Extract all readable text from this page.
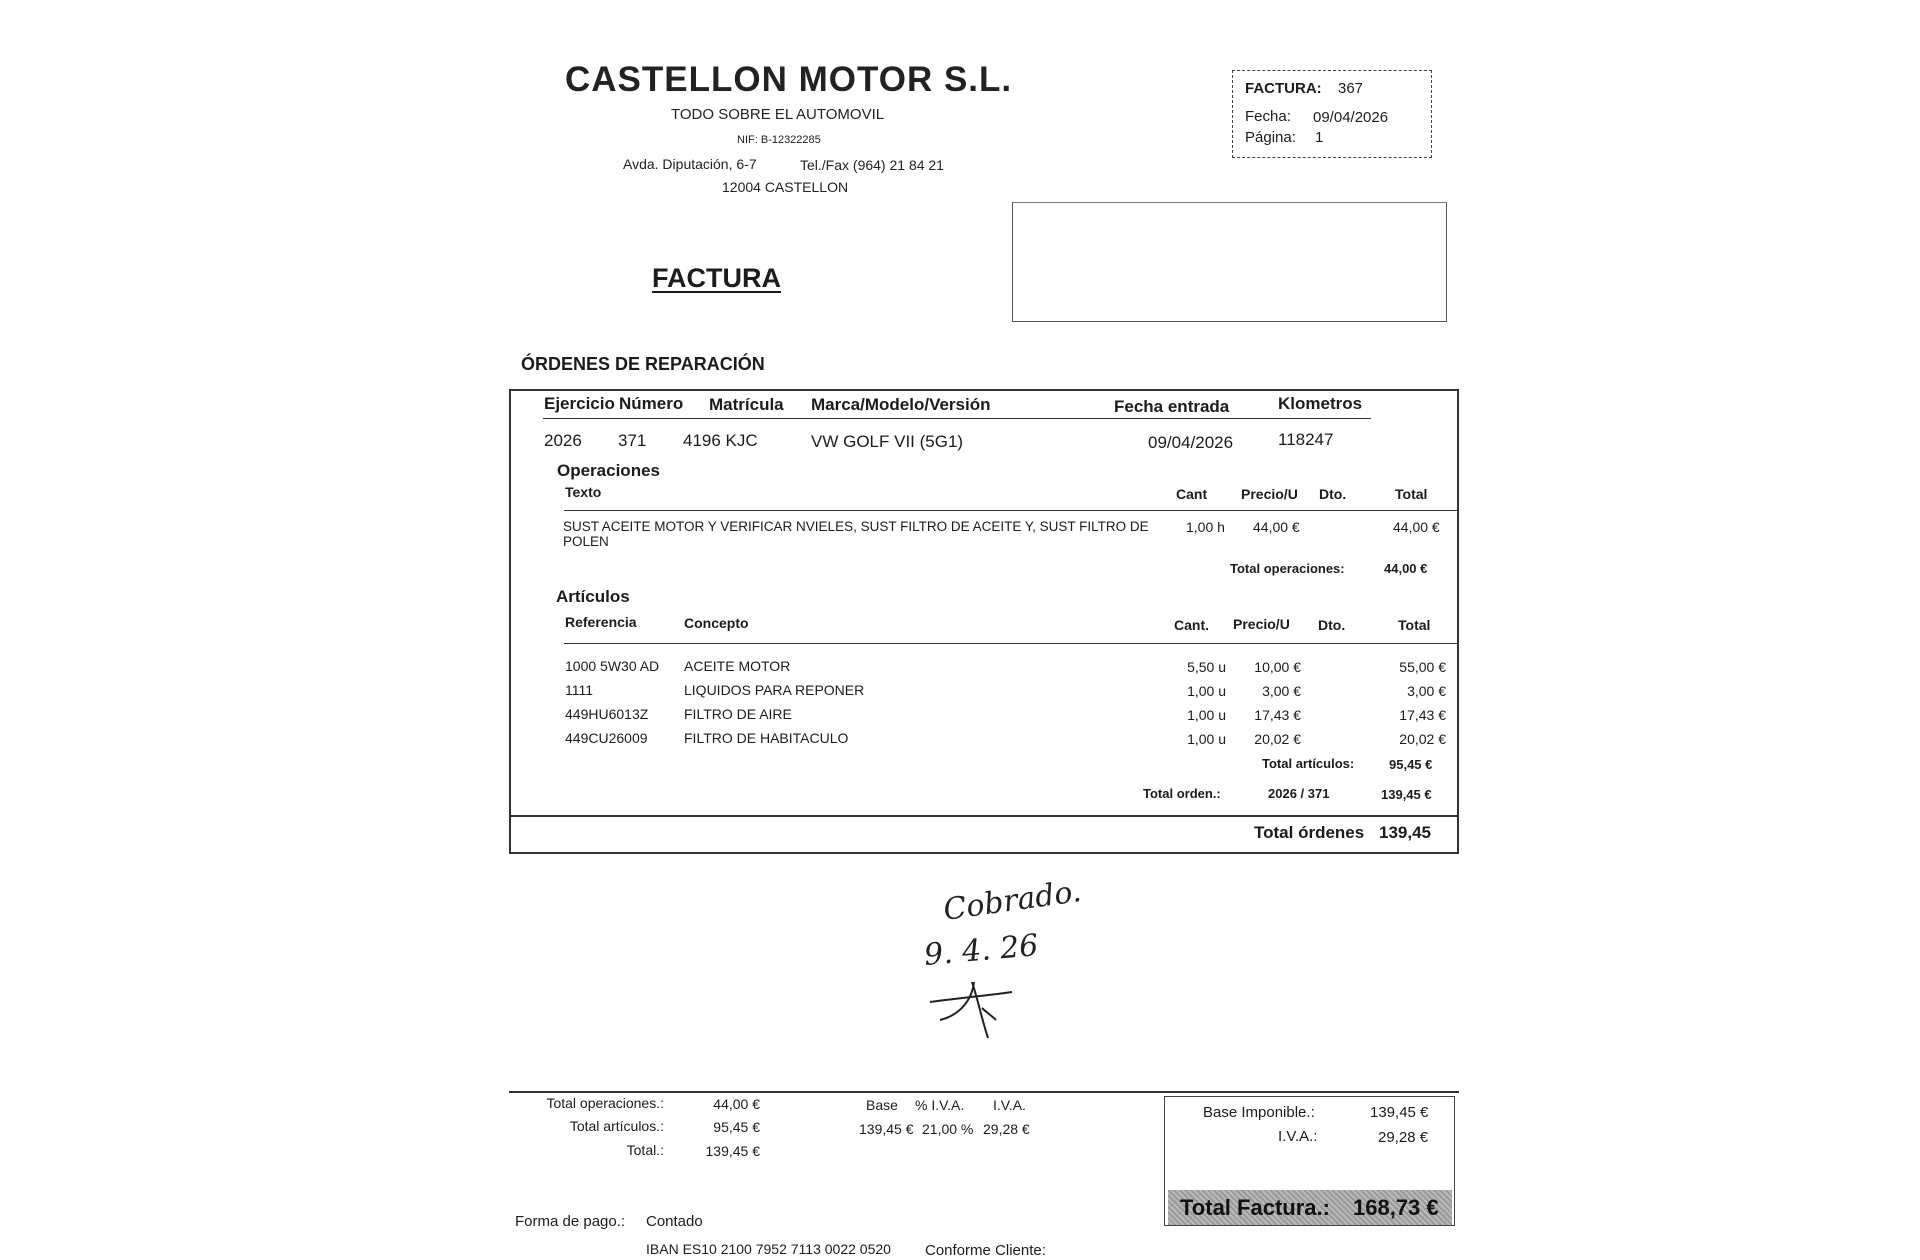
CASTELLON MOTOR S.L.
TODO SOBRE EL AUTOMOVIL
NIF: B-12322285
Avda. Diputación, 6-7	Tel./Fax (964) 21 84 21
12004 CASTELLON
FACTURA: 367
Fecha: 09/04/2026
Página: 1
FACTURA
ÓRDENES DE REPARACIÓN
Ejercicio Número Matrícula Marca/Modelo/Versión	Fecha entrada	Klometros
2026 371 4196 KJC	VW GOLF VII (5G1)	09/04/2026	118247
Operaciones
Texto	Cant Precio/U Dto.	Total
SUST ACEITE MOTOR Y VERIFICAR NVIELES, SUST FILTRO DE ACEITE Y, SUST FILTRO DE
POLEN
1,00 h 44,00 €	44,00 €
Total operaciones:	44,00 €
Artículos
Referencia	Concepto	Cant. Precio/U Dto.	Total
1000 5W30 AD ACEITE MOTOR	5,50 u	10,00 €	55,00 €
1111	LIQUIDOS PARA REPONER	1,00 u	3,00 €	3,00 €
449HU6013Z	FILTRO DE AIRE	1,00 u	17,43 €	17,43 €
449CU26009	FILTRO DE HABITACULO	1,00 u	20,02 €	20,02 €
Total artículos:	95,45 €
Total orden.:	2026 / 371	139,45 €
Total órdenes 139,45
Cobrado.
9. 4. 26
Total operaciones.:	44,00 €
Total artículos.:	95,45 €
Total.:	139,45 €
Base % I.V.A. I.V.A.
139,45 € 21,00 % 29,28 €
Base Imponible.:	139,45 €
I.V.A.:	29,28 €
Total Factura.: 168,73 €
Forma de pago.: Contado
IBAN ES10 2100 7952 7113 0022 0520 Conforme Cliente:
